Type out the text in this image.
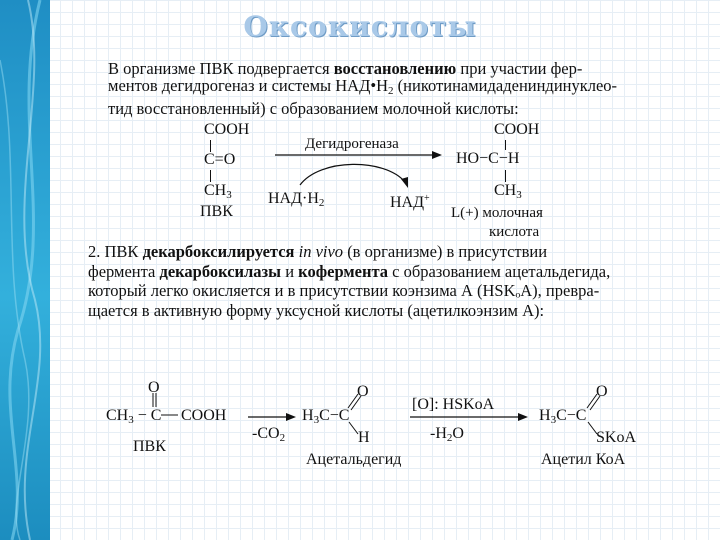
Оксокислоты
В организме ПВК подвергается восстановлению при участии фер-
ментов дегидрогеназ и системы $НАД•Н_2$ (никотинамидадениндинуклео-
тид восстановленный) с образованием молочной кислоты:
СООН
С=О
$СН_3$
ПВК
Дегидрогеназа
$НАД\cdot Н_2$	НАД+
СООН
НО−С−Н
$СН_3$
L(+) молочная
кислота
2. ПВК декарбоксилируется in vivo (в организме) в присутствии
фермента декарбоксилазы и кофермента с образованием ацетальдегида,
который легко окисляется и в присутствии коэнзима А (HSKₒA), превра-
щается в активную форму уксусной кислоты (ацетилкоэнзим А):
О
$СН_3 - С$ СООН
ПВК
$-СО_2$
$Н_3С-С$
О
Н
Ацетальдегид
[O]: HSKoA
$-Н_2О$
$Н_3С-С$
О
SKoA
Ацетил КоА
